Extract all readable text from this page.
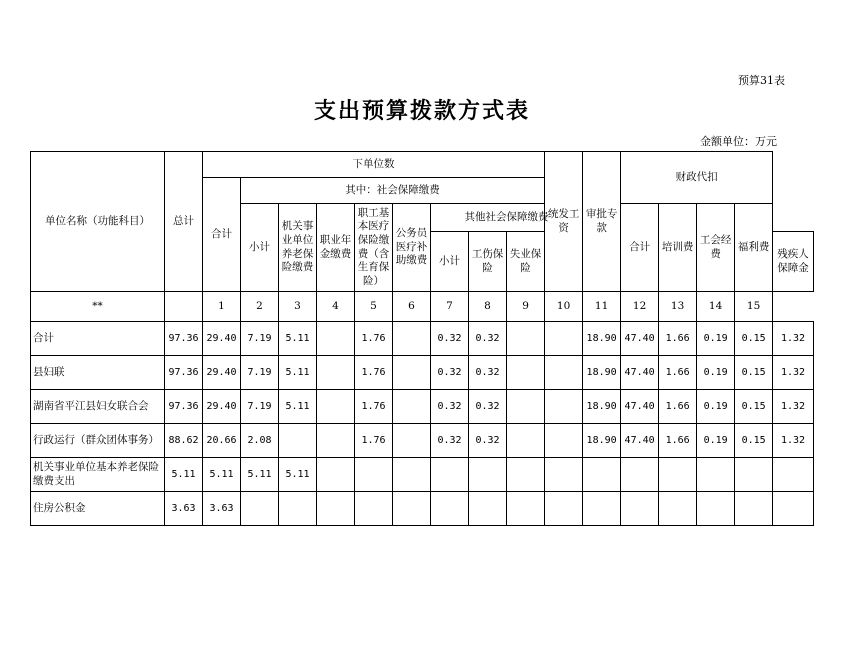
预算31表
支出预算拨款方式表
金额单位：万元
单位名称（功能科目）	总计	下单位数									统发工资	审批专款	财政代扣				
		合计	其中：社会保障缴费														
			小计	机关事业单位养老保险缴费	职业年金缴费	职工基本医疗保险缴费（含生育保险）	公务员医疗补助缴费	其他社会保障缴费					合计	培训费	工会经费	福利费	
								小计	工伤保险	失业保险							残疾人保障金

**		1	2	3	4	5	6	7	8	9	10	11	12	13	14	15	
合计	97.36	29.40	7.19	5.11		1.76		0.32	0.32			18.90	47.40	1.66	0.19	0.15	1.32
县妇联	97.36	29.40	7.19	5.11		1.76		0.32	0.32			18.90	47.40	1.66	0.19	0.15	1.32
湖南省平江县妇女联合会	97.36	29.40	7.19	5.11		1.76		0.32	0.32			18.90	47.40	1.66	0.19	0.15	1.32
行政运行（群众团体事务）	88.62	20.66	2.08			1.76		0.32	0.32			18.90	47.40	1.66	0.19	0.15	1.32
机关事业单位基本养老保险缴费支出	5.11	5.11	5.11	5.11													
住房公积金	3.63	3.63															
